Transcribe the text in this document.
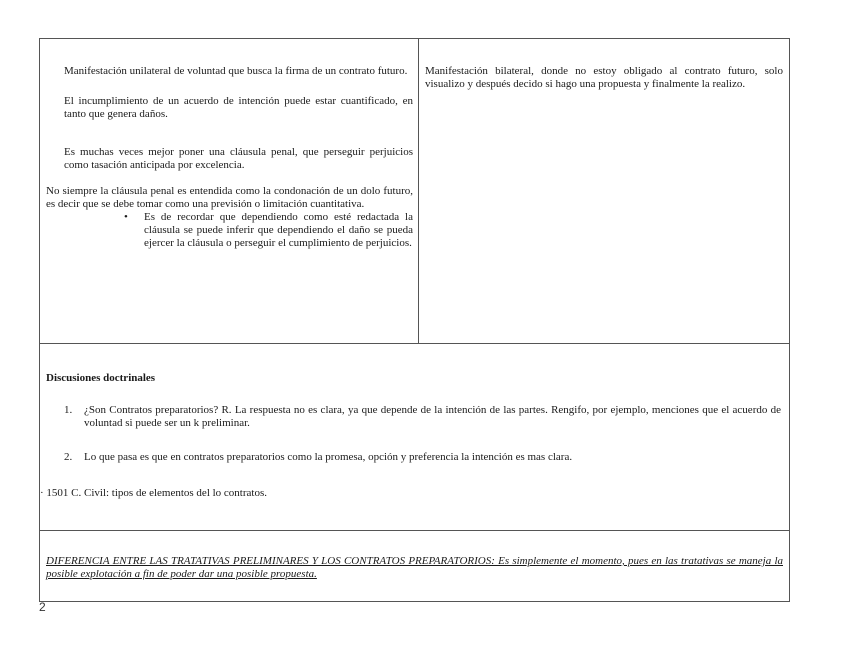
Manifestación unilateral de voluntad que busca la firma de un contrato futuro.

El incumplimiento de un acuerdo de intención puede estar cuantificado, en tanto que genera daños.

Es muchas veces mejor poner una cláusula penal, que perseguir perjuicios como tasación anticipada por excelencia.

No siempre la cláusula penal es entendida como la condonación de un dolo futuro, es decir que se debe tomar como una previsión o limitación cuantitativa.

• Es de recordar que dependiendo como esté redactada la cláusula se puede inferir que dependiendo el daño se pueda ejercer la cláusula o perseguir el cumplimiento de perjuicios.

Manifestación bilateral, donde no estoy obligado al contrato futuro, solo visualizo y después decido si hago una propuesta y finalmente la realizo.

Discusiones doctrinales

1. ¿Son Contratos preparatorios? R. La respuesta no es clara, ya que depende de la intención de las partes. Rengifo, por ejemplo, menciones que el acuerdo de voluntad si puede ser un k preliminar.
2. Lo que pasa es que en contratos preparatorios como la promesa, opción y preferencia la intención es mas clara.

· 1501 C. Civil: tipos de elementos del lo contratos.

DIFERENCIA ENTRE LAS TRATATIVAS PRELIMINARES Y LOS CONTRATOS PREPARATORIOS: Es simplemente el momento, pues en las tratativas se maneja la posible explotación a fin de poder dar una posible propuesta.

2
